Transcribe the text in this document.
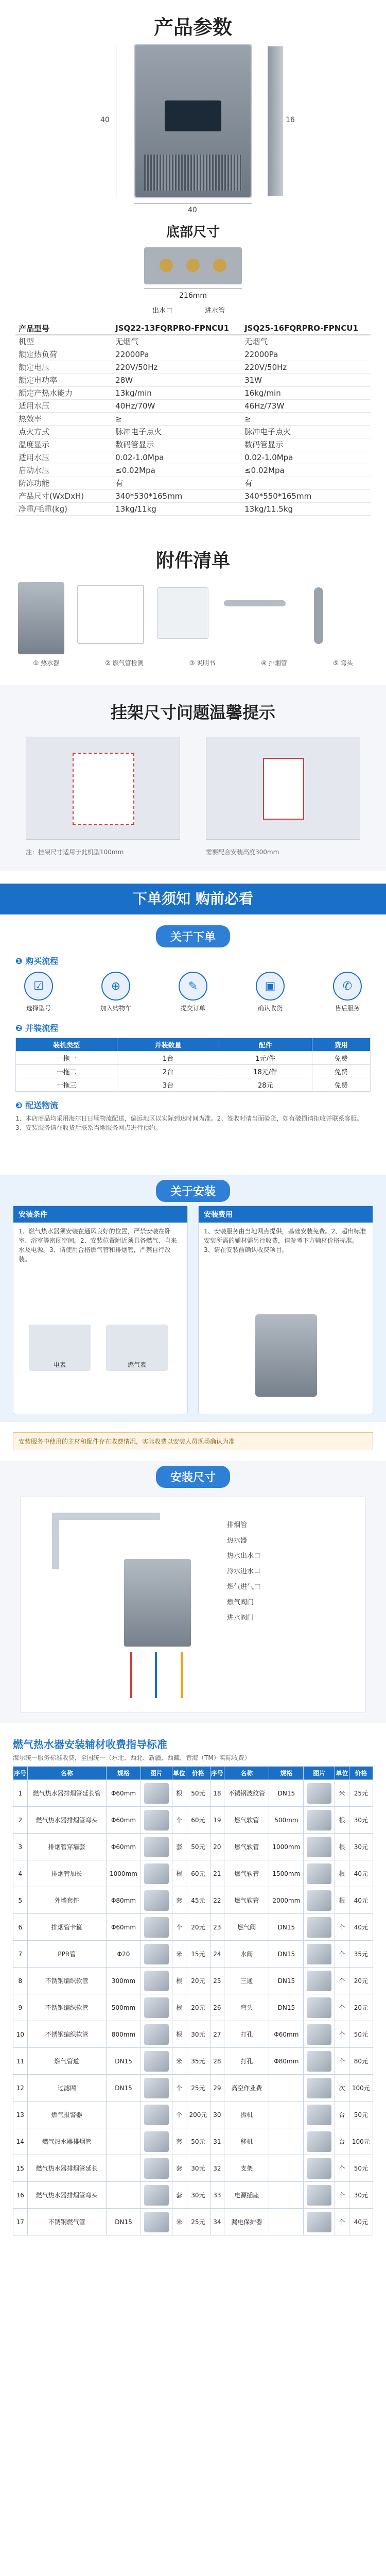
产品参数
40
40
16
底部尺寸
216mm
出水口	进水管
产品型号	JSQ22-13FQRPRO-FPNCU1	JSQ25-16FQRPRO-FPNCU1
机型	无烟气	无烟气
额定热负荷	22000Pa	22000Pa
额定电压	220V/50Hz	220V/50Hz
额定电功率	28W	31W
额定产热水能力	13kg/min	16kg/min
适用水压	40Hz/70W	46Hz/73W
热效率	≥	≥
点火方式	脉冲电子点火	脉冲电子点火
温度显示	数码管显示	数码管显示
适用水压	0.02-1.0Mpa	0.02-1.0Mpa
启动水压	≤0.02Mpa	≤0.02Mpa
防冻功能	有	有
产品尺寸(WxDxH)	340*530*165mm	340*550*165mm
净重/毛重(kg)	13kg/11kg	13kg/11.5kg
附件清单
① 热水器	② 燃气管检测	③ 说明书	④ 排烟管	⑤ 弯头
挂架尺寸问题温馨提示
注：挂架尺寸适用于此机型100mm	需要配合安装高度300mm
下单须知 购前必看
关于下单
❶ 购买流程
☑
选择型号
⊕
加入购物车
✎
提交订单
▣
确认收货
✆
售后服务
❷ 并装流程
装机类型	并装数量	配件	费用
一拖一	1台	1元/件	免费
一拖二	2台	18元/件	免费
一拖三	3台	28元	免费
❸ 配送物流
1、本店商品均采用海尔日日顺物流配送，偏远地区以实际到达时间为准。2、签收时请当面验货，如有破损请拒收并联系客服。3、安装服务请在收货后联系当地服务网点进行预约。
关于安装
安装条件
1、燃气热水器须安装在通风良好的位置，严禁安装在卧室、浴室等密闭空间。2、安装位置附近须具备燃气、自来水及电源。3、请使用合格燃气管和排烟管，严禁自行改装。
电表	燃气表
安装费用
1、安装服务由当地网点提供，基础安装免费。2、超出标准安装所需的辅材需另行收费，请参考下方辅材价格标准。3、请在安装前确认收费项目。
安装服务中使用的主材和配件存在收费情况，实际收费以安装人员现场确认为准
安装尺寸
排烟管
热水器
热水出水口
冷水进水口
燃气进气口
燃气阀门
进水阀门
燃气热水器安装辅材收费指导标准
海尔统一服务标准收费，全国统一（东北、西北、新疆、西藏、青海（TM）实际收费）
序号	名称	规格	图片	单位	价格	序号	名称	规格	图片	单位	价格
1	燃气热水器排烟管延长管	Φ60mm		根	50元	18	不锈钢波纹管	DN15		米	25元
2	燃气热水器排烟管弯头	Φ60mm		个	60元	19	燃气软管	500mm		根	30元
3	排烟管穿墙套	Φ60mm		套	50元	20	燃气软管	1000mm		根	30元
4	排烟管加长	1000mm		根	60元	21	燃气软管	1500mm		根	40元
5	外墙套件	Φ80mm		套	45元	22	燃气软管	2000mm		根	40元
6	排烟管卡箍	Φ60mm		个	20元	23	燃气阀	DN15		个	40元
7	PPR管	Φ20		米	15元	24	水阀	DN15		个	35元
8	不锈钢编织软管	300mm		根	20元	25	三通	DN15		个	20元
9	不锈钢编织软管	500mm		根	20元	26	弯头	DN15		个	20元
10	不锈钢编织软管	800mm		根	30元	27	打孔	Φ60mm		个	50元
11	燃气管道	DN15		米	35元	28	打孔	Φ80mm		个	80元
12	过滤网	DN15		个	25元	29	高空作业费			次	100元
13	燃气报警器			个	200元	30	拆机			台	50元
14	燃气热水器排烟管			套	50元	31	移机			台	100元
15	燃气热水器排烟管延长			套	30元	32	支架			个	50元
16	燃气热水器排烟管弯头			套	30元	33	电源插座			个	30元
17	不锈钢燃气管	DN15		米	25元	34	漏电保护器			个	40元
